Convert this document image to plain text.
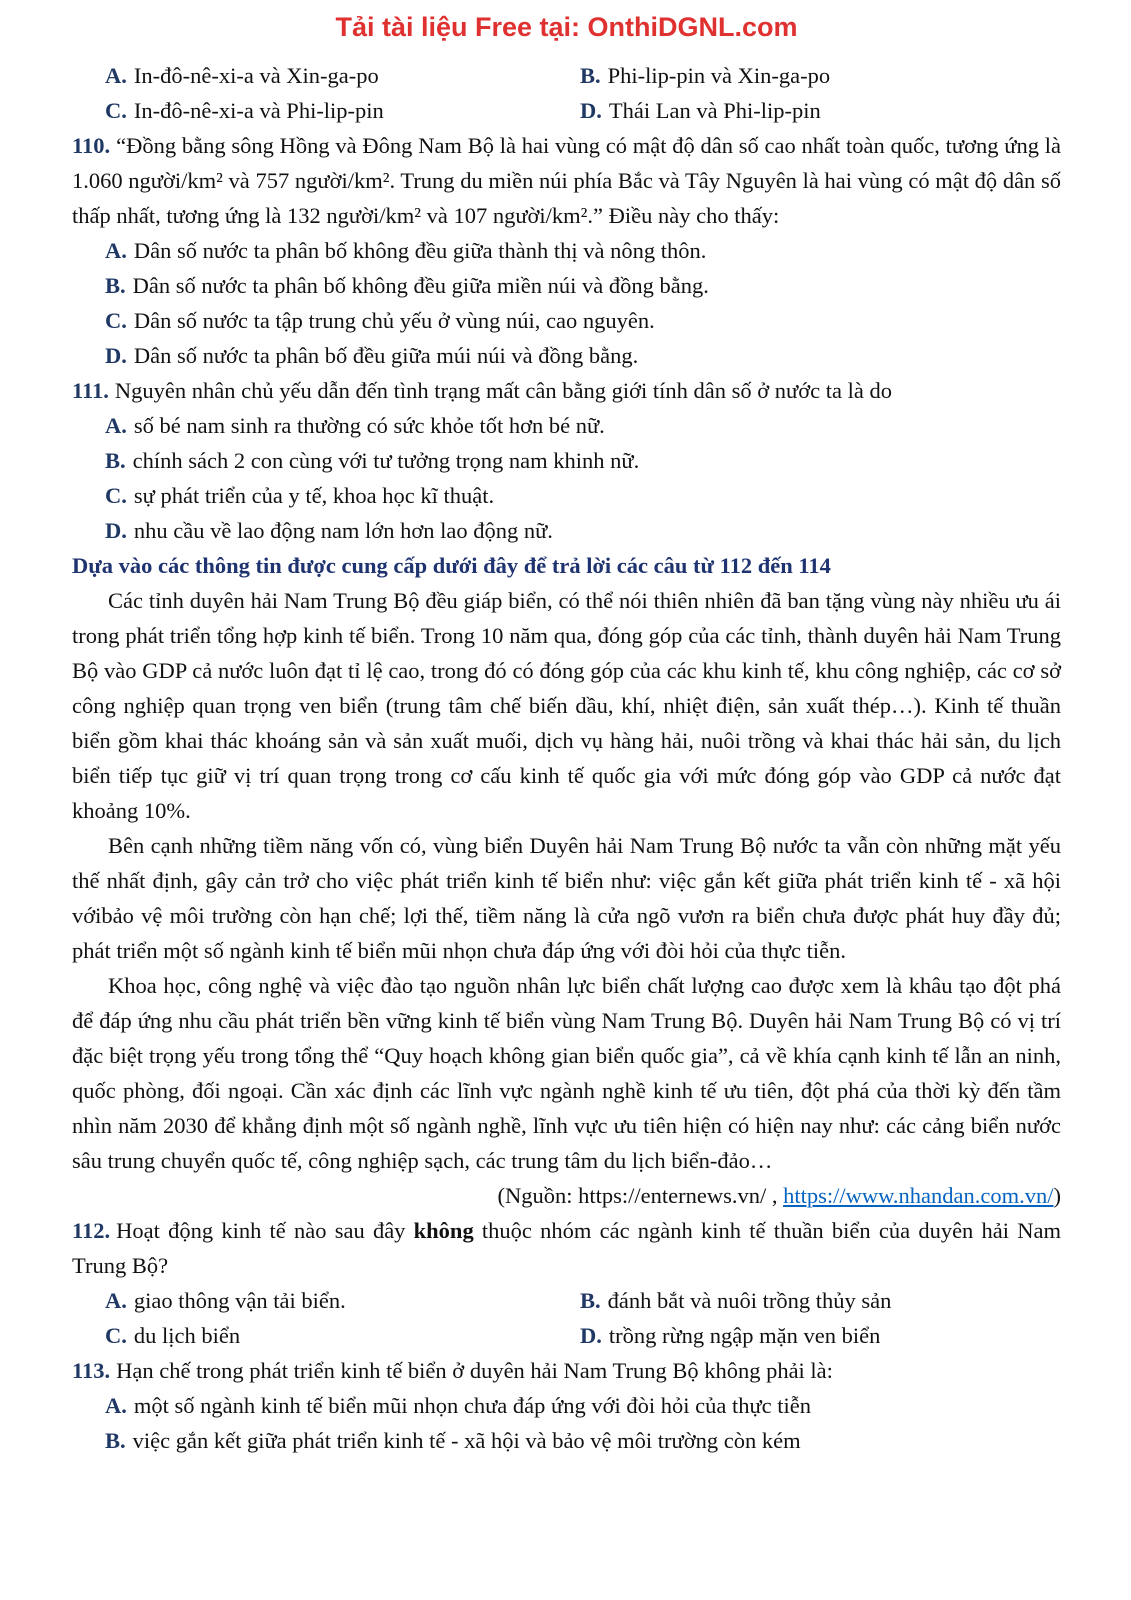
Tải tài liệu Free tại: OnthiDGNL.com
A. In-đô-nê-xi-a và Xin-ga-po	B. Phi-lip-pin và Xin-ga-po
C. In-đô-nê-xi-a và Phi-lip-pin	D. Thái Lan và Phi-lip-pin

110. “Đồng bằng sông Hồng và Đông Nam Bộ là hai vùng có mật độ dân số cao nhất toàn quốc, tương ứng là 1.060 người/km² và 757 người/km². Trung du miền núi phía Bắc và Tây Nguyên là hai vùng có mật độ dân số thấp nhất, tương ứng là 132 người/km² và 107 người/km².” Điều này cho thấy:

A. Dân số nước ta phân bố không đều giữa thành thị và nông thôn.

B. Dân số nước ta phân bố không đều giữa miền núi và đồng bằng.

C. Dân số nước ta tập trung chủ yếu ở vùng núi, cao nguyên.

D. Dân số nước ta phân bố đều giữa múi núi và đồng bằng.

111. Nguyên nhân chủ yếu dẫn đến tình trạng mất cân bằng giới tính dân số ở nước ta là do

A. số bé nam sinh ra thường có sức khỏe tốt hơn bé nữ.

B. chính sách 2 con cùng với tư tưởng trọng nam khinh nữ.

C. sự phát triển của y tế, khoa học kĩ thuật.

D. nhu cầu về lao động nam lớn hơn lao động nữ.

Dựa vào các thông tin được cung cấp dưới đây để trả lời các câu từ 112 đến 114

Các tỉnh duyên hải Nam Trung Bộ đều giáp biển, có thể nói thiên nhiên đã ban tặng vùng này nhiều ưu ái trong phát triển tổng hợp kinh tế biển. Trong 10 năm qua, đóng góp của các tỉnh, thành duyên hải Nam Trung Bộ vào GDP cả nước luôn đạt tỉ lệ cao, trong đó có đóng góp của các khu kinh tế, khu công nghiệp, các cơ sở công nghiệp quan trọng ven biển (trung tâm chế biến dầu, khí, nhiệt điện, sản xuất thép…). Kinh tế thuần biển gồm khai thác khoáng sản và sản xuất muối, dịch vụ hàng hải, nuôi trồng và khai thác hải sản, du lịch biển tiếp tục giữ vị trí quan trọng trong cơ cấu kinh tế quốc gia với mức đóng góp vào GDP cả nước đạt khoảng 10%.

Bên cạnh những tiềm năng vốn có, vùng biển Duyên hải Nam Trung Bộ nước ta vẫn còn những mặt yếu thế nhất định, gây cản trở cho việc phát triển kinh tế biển như: việc gắn kết giữa phát triển kinh tế - xã hội vớibảo vệ môi trường còn hạn chế; lợi thế, tiềm năng là cửa ngõ vươn ra biển chưa được phát huy đầy đủ; phát triển một số ngành kinh tế biển mũi nhọn chưa đáp ứng với đòi hỏi của thực tiễn.

Khoa học, công nghệ và việc đào tạo nguồn nhân lực biển chất lượng cao được xem là khâu tạo đột phá để đáp ứng nhu cầu phát triển bền vững kinh tế biển vùng Nam Trung Bộ. Duyên hải Nam Trung Bộ có vị trí đặc biệt trọng yếu trong tổng thể “Quy hoạch không gian biển quốc gia”, cả về khía cạnh kinh tế lẫn an ninh, quốc phòng, đối ngoại. Cần xác định các lĩnh vực ngành nghề kinh tế ưu tiên, đột phá của thời kỳ đến tầm nhìn năm 2030 để khẳng định một số ngành nghề, lĩnh vực ưu tiên hiện có hiện nay như: các cảng biển nước sâu trung chuyển quốc tế, công nghiệp sạch, các trung tâm du lịch biển-đảo…

(Nguồn: https://enternews.vn/ , https://www.nhandan.com.vn/)

112. Hoạt động kinh tế nào sau đây không thuộc nhóm các ngành kinh tế thuần biển của duyên hải Nam Trung Bộ?

A. giao thông vận tải biển.	B. đánh bắt và nuôi trồng thủy sản
C. du lịch biển	D. trồng rừng ngập mặn ven biển

113. Hạn chế trong phát triển kinh tế biển ở duyên hải Nam Trung Bộ không phải là:

A. một số ngành kinh tế biển mũi nhọn chưa đáp ứng với đòi hỏi của thực tiễn

B. việc gắn kết giữa phát triển kinh tế - xã hội và bảo vệ môi trường còn kém
